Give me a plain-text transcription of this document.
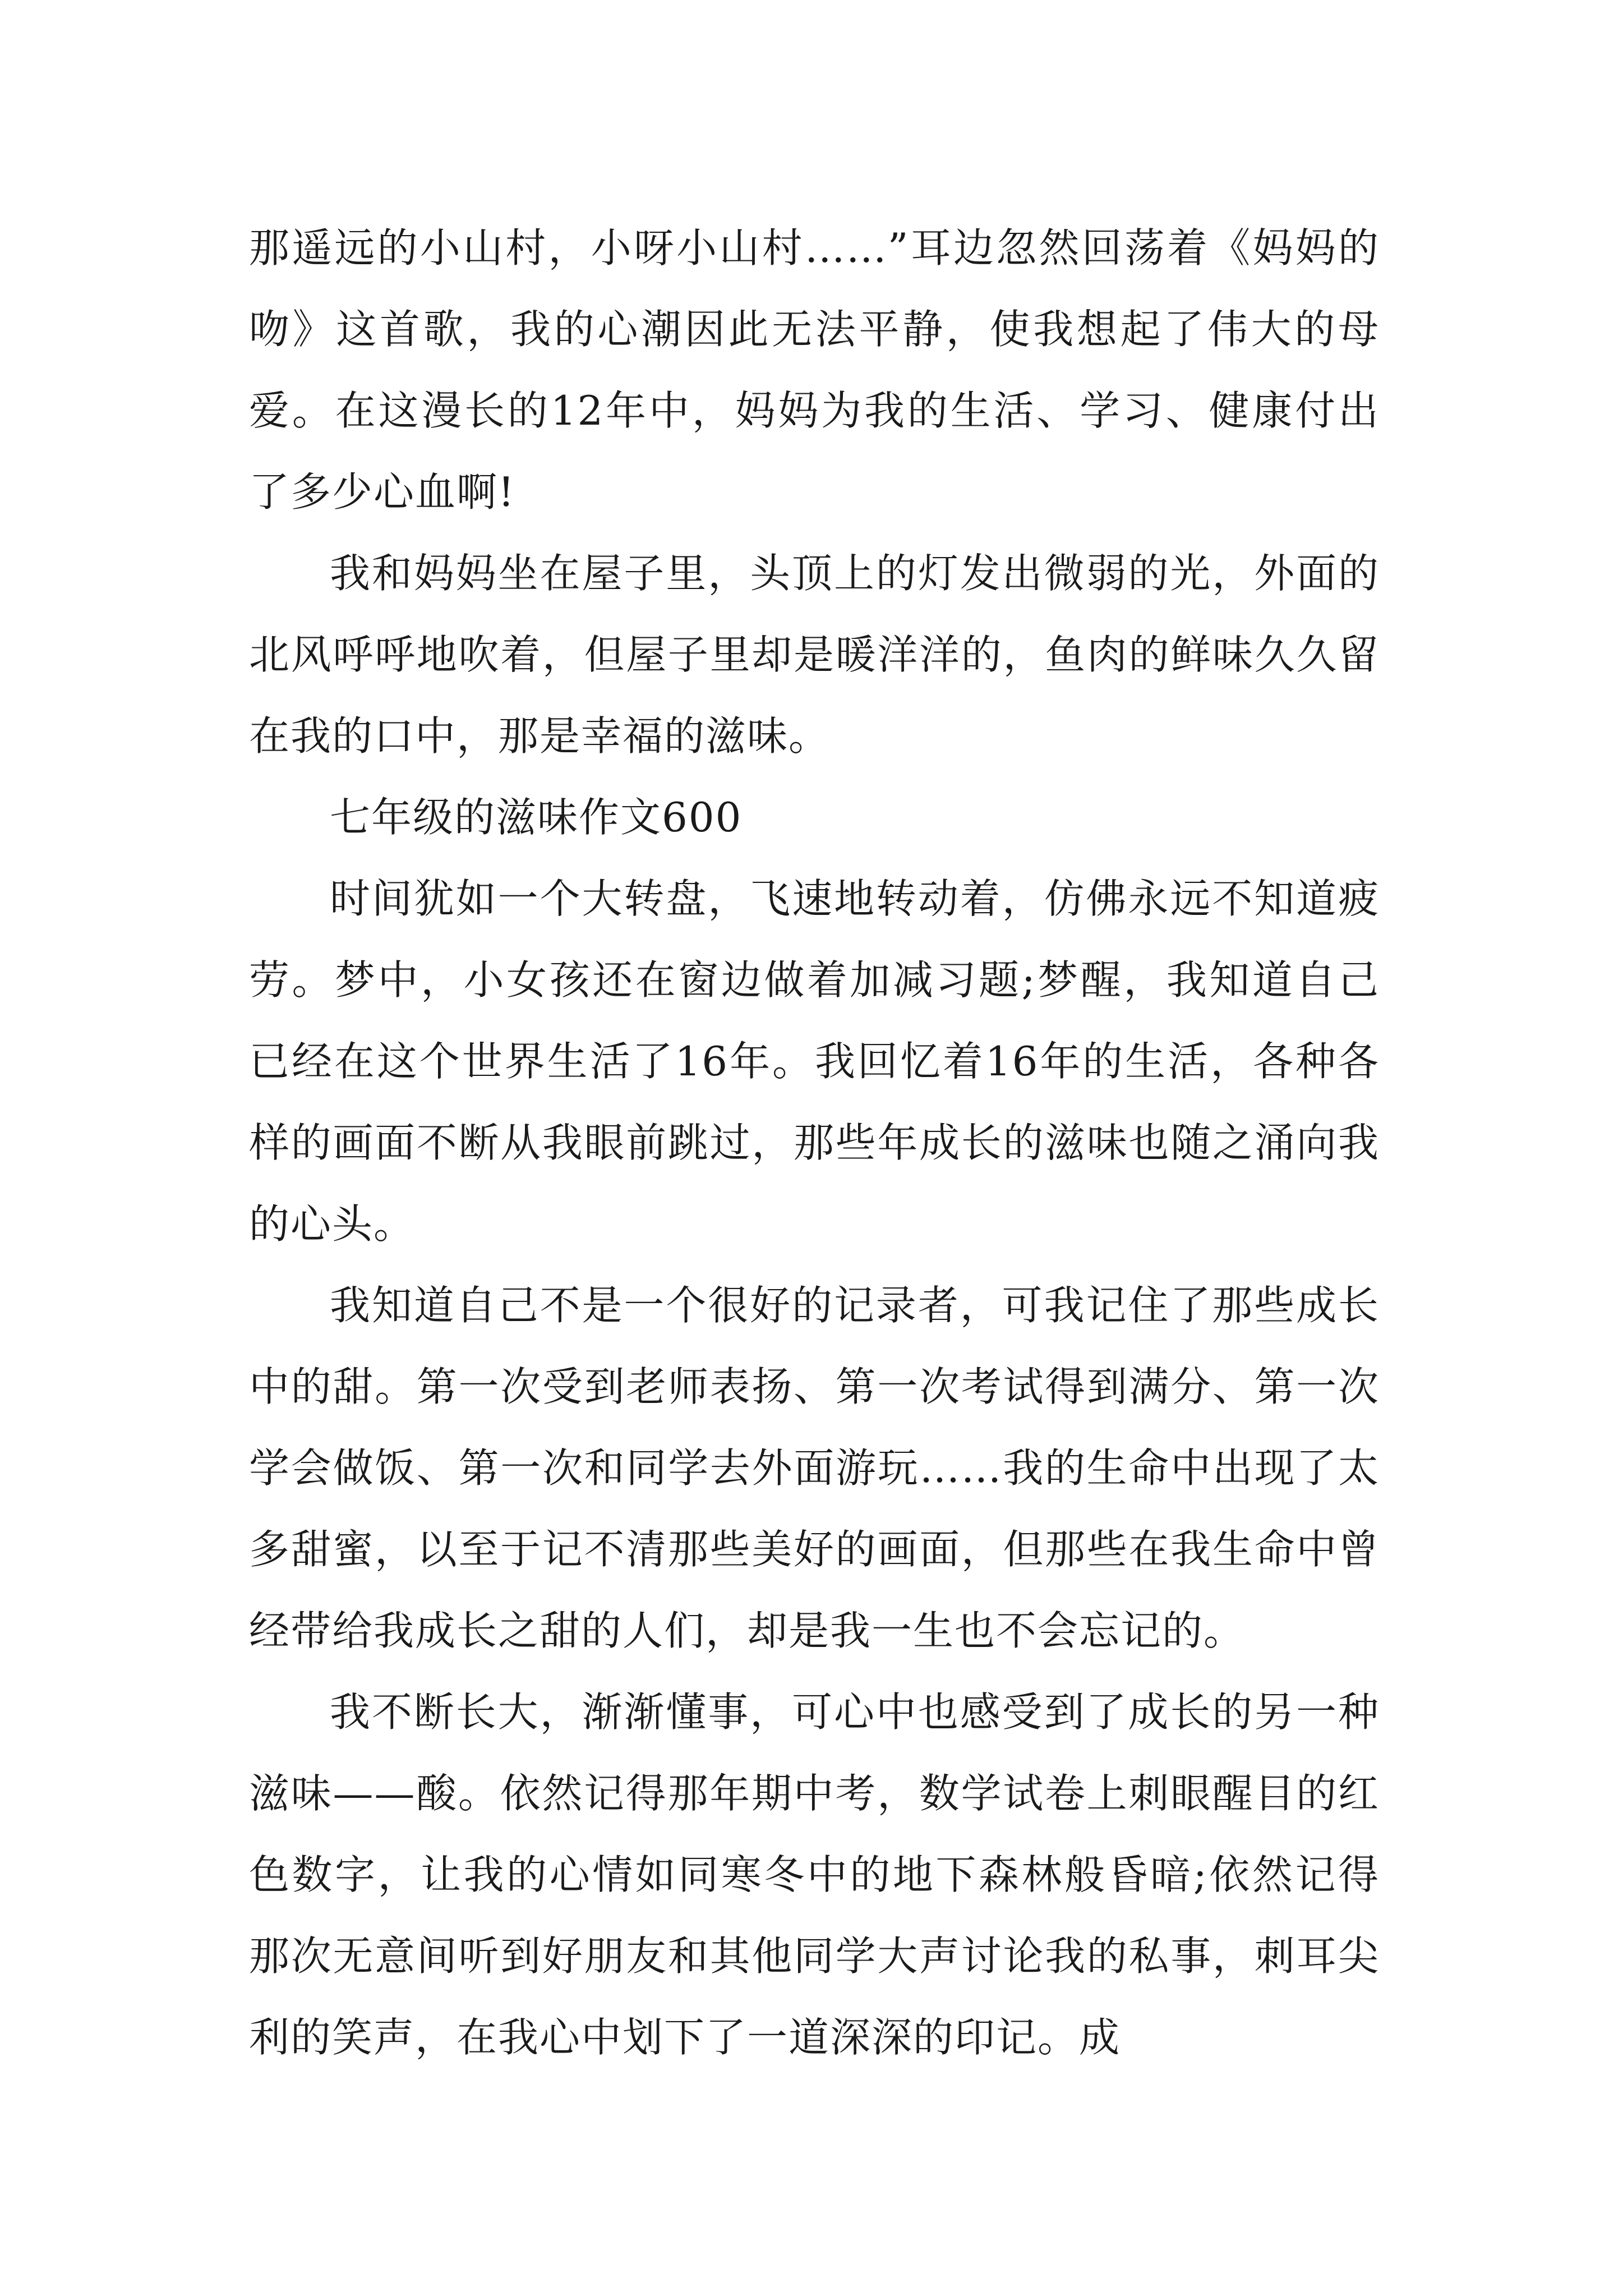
那遥远的小山村，小呀小山村……”耳边忽然回荡着《妈妈的吻》这首歌，我的心潮因此无法平静，使我想起了伟大的母爱。在这漫长的12年中，妈妈为我的生活、学习、健康付出了多少心血啊!

我和妈妈坐在屋子里，头顶上的灯发出微弱的光，外面的北风呼呼地吹着，但屋子里却是暖洋洋的，鱼肉的鲜味久久留在我的口中，那是幸福的滋味。

七年级的滋味作文600

时间犹如一个大转盘，飞速地转动着，仿佛永远不知道疲劳。梦中，小女孩还在窗边做着加减习题;梦醒，我知道自己已经在这个世界生活了16年。我回忆着16年的生活，各种各样的画面不断从我眼前跳过，那些年成长的滋味也随之涌向我的心头。

我知道自己不是一个很好的记录者，可我记住了那些成长中的甜。第一次受到老师表扬、第一次考试得到满分、第一次学会做饭、第一次和同学去外面游玩……我的生命中出现了太多甜蜜，以至于记不清那些美好的画面，但那些在我生命中曾经带给我成长之甜的人们，却是我一生也不会忘记的。

我不断长大，渐渐懂事，可心中也感受到了成长的另一种滋味——酸。依然记得那年期中考，数学试卷上刺眼醒目的红色数字，让我的心情如同寒冬中的地下森林般昏暗;依然记得那次无意间听到好朋友和其他同学大声讨论我的私事，刺耳尖利的笑声，在我心中划下了一道深深的印记。成
